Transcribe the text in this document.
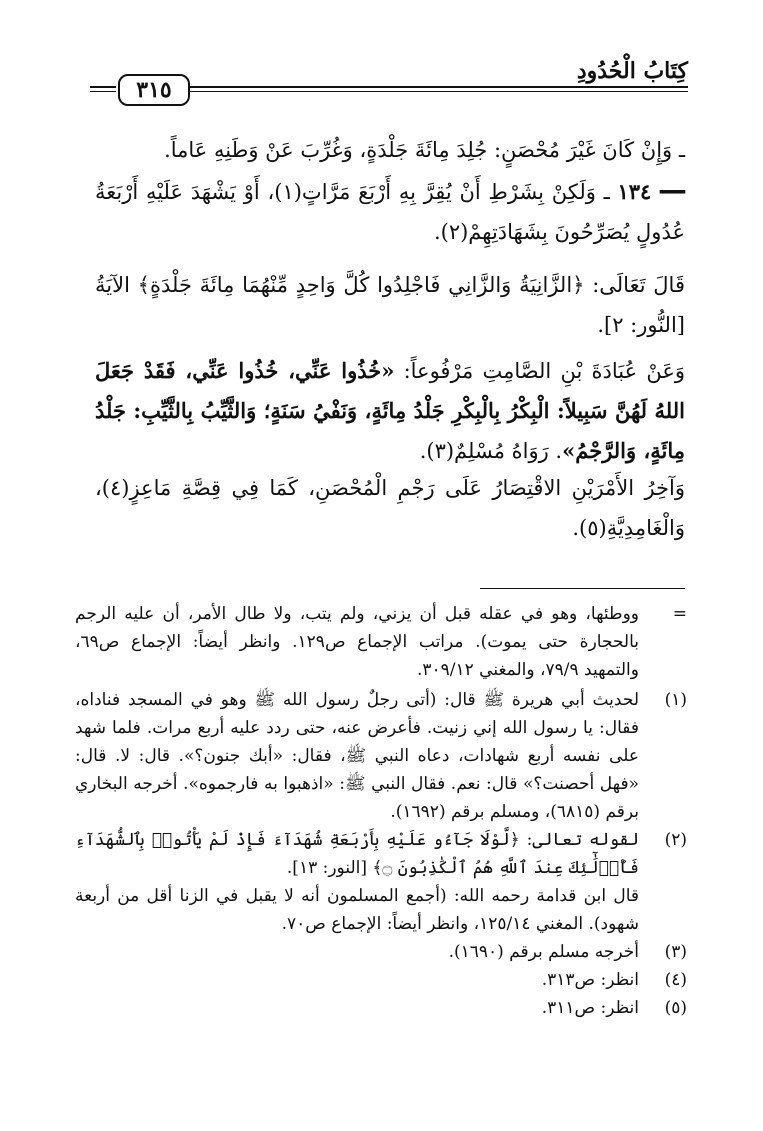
كِتَابُ الْحُدُودِ
٣١٥
ـ وَإِنْ كَانَ غَيْرَ مُحْصَنٍ: جُلِدَ مِائَةَ جَلْدَةٍ، وَغُرِّبَ عَنْ وَطَنِهِ عَاماً.
━━ ١٣٤ ـ وَلَكِنْ بِشَرْطِ أَنْ يُقِرَّ بِهِ أَرْبَعَ مَرَّاتٍ(١)، أَوْ يَشْهَدَ عَلَيْهِ أَرْبَعَةُ عُدُولٍ يُصَرِّحُونَ بِشَهَادَتِهِمْ(٢).
قَالَ تَعَالَى: ﴿الزَّانِيَةُ وَالزَّانِي فَاجْلِدُوا كُلَّ وَاحِدٍ مِّنْهُمَا مِائَةَ جَلْدَةٍ﴾ الآيَةُ [النُّور: ٢].
وَعَنْ عُبَادَةَ بْنِ الصَّامِتِ مَرْفُوعاً: «خُذُوا عَنِّي، خُذُوا عَنِّي، فَقَدْ جَعَلَ اللهُ لَهُنَّ سَبِيلاً: الْبِكْرُ بِالْبِكْرِ جَلْدُ مِائَةٍ، وَنَفْيُ سَنَةٍ؛ وَالثَّيِّبُ بِالثَّيِّبِ: جَلْدُ مِائَةٍ، وَالرَّجْمُ». رَوَاهُ مُسْلِمٌ(٣).
وَآخِرُ الأَمْرَيْنِ الاقْتِصَارُ عَلَى رَجْمِ الْمُحْصَنِ، كَمَا فِي قِصَّةِ مَاعِزٍ(٤)، وَالْغَامِدِيَّةِ(٥).

=
ووطئها، وهو في عقله قبل أن يزني، ولم يتب، ولا طال الأمر، أن عليه الرجم بالحجارة حتى يموت). مراتب الإجماع ص١٢٩. وانظر أيضاً: الإجماع ص٦٩، والتمهيد ٧٩/٩، والمغني ٣٠٩/١٢.

(١)
لحديث أبي هريرة ﷺ قال: (أتى رجلٌ رسول الله ﷺ وهو في المسجد فناداه، فقال: يا رسول الله إني زنيت. فأعرض عنه، حتى ردد عليه أربع مرات. فلما شهد على نفسه أربع شهادات، دعاه النبي ﷺ، فقال: «أبك جنون؟». قال: لا. قال: «فهل أحصنت؟» قال: نعم. فقال النبي ﷺ: «اذهبوا به فارجموه». أخرجه البخاري برقم (٦٨١٥)، ومسلم برقم (١٦٩٢).

(٢)
لقوله تعالى: ﴿لَّوْلَا جَآءُو عَلَيْهِ بِأَرْبَعَةِ شُهَدَآءَ فَإِذْ لَمْ يَأْتُوا۟ بِٱلشُّهَدَآءِ فَأُو۟لَٰٓئِكَ عِندَ ٱللَّهِ هُمُ ٱلْكَٰذِبُونَ ۝﴾ [النور: ١٣].

قال ابن قدامة رحمه الله: (أجمع المسلمون أنه لا يقبل في الزنا أقل من أربعة شهود). المغني ١٢٥/١٤، وانظر أيضاً: الإجماع ص٧٠.

(٣)
أخرجه مسلم برقم (١٦٩٠).

(٤)
انظر: ص٣١٣.

(٥)
انظر: ص٣١١.
